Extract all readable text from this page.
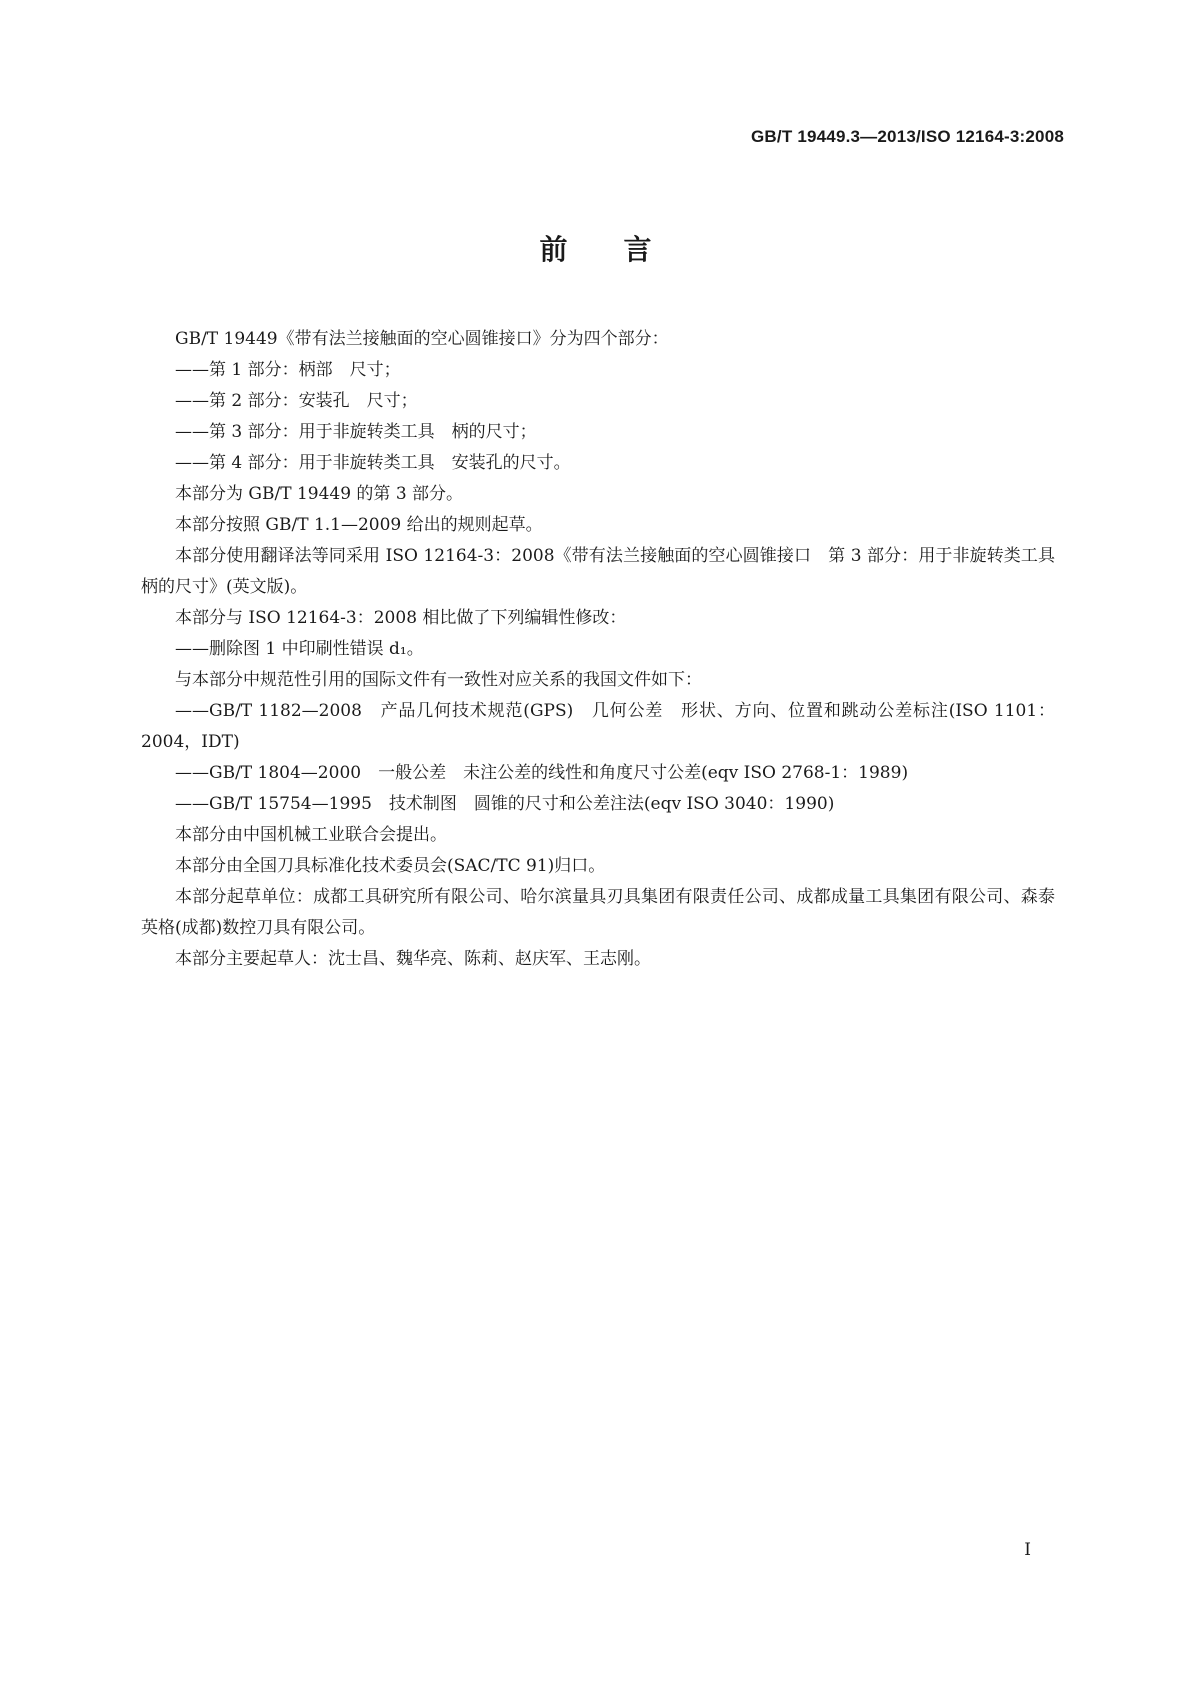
GB/T 19449.3—2013/ISO 12164-3:2008
前言

GB/T 19449《带有法兰接触面的空心圆锥接口》分为四个部分：

——第 1 部分：柄部　尺寸；

——第 2 部分：安装孔　尺寸；

——第 3 部分：用于非旋转类工具　柄的尺寸；

——第 4 部分：用于非旋转类工具　安装孔的尺寸。

本部分为 GB/T 19449 的第 3 部分。

本部分按照 GB/T 1.1—2009 给出的规则起草。

本部分使用翻译法等同采用 ISO 12164-3：2008《带有法兰接触面的空心圆锥接口　第 3 部分：用于非旋转类工具　柄的尺寸》(英文版)。

本部分与 ISO 12164-3：2008 相比做了下列编辑性修改：

——删除图 1 中印刷性错误 d₁。

与本部分中规范性引用的国际文件有一致性对应关系的我国文件如下：

——GB/T 1182—2008　产品几何技术规范(GPS)　几何公差　形状、方向、位置和跳动公差标注(ISO 1101：2004，IDT)

——GB/T 1804—2000　一般公差　未注公差的线性和角度尺寸公差(eqv ISO 2768-1：1989)

——GB/T 15754—1995　技术制图　圆锥的尺寸和公差注法(eqv ISO 3040：1990)

本部分由中国机械工业联合会提出。

本部分由全国刀具标准化技术委员会(SAC/TC 91)归口。

本部分起草单位：成都工具研究所有限公司、哈尔滨量具刃具集团有限责任公司、成都成量工具集团有限公司、森泰英格(成都)数控刀具有限公司。

本部分主要起草人：沈士昌、魏华亮、陈莉、赵庆军、王志刚。

I
